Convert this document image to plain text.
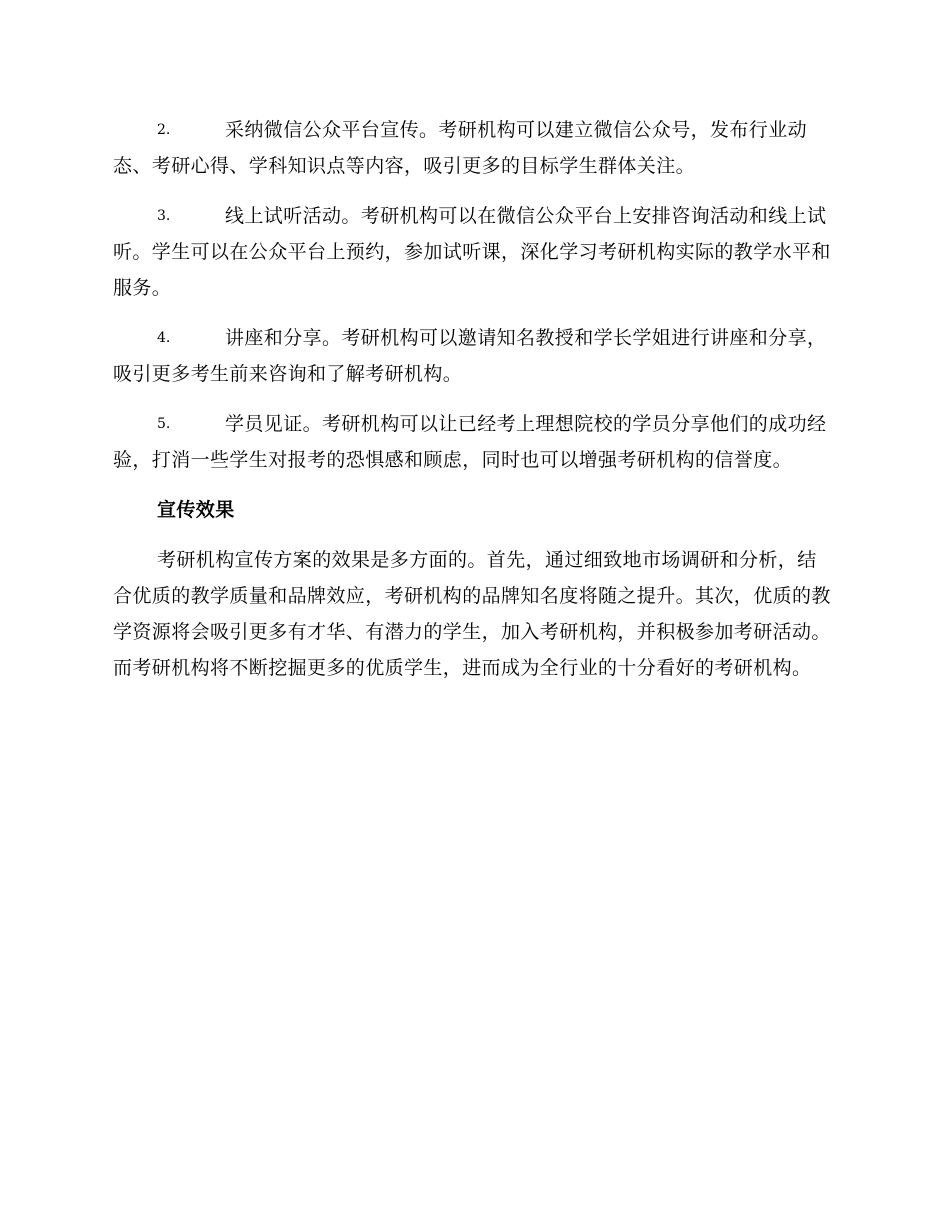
2.	采纳微信公众平台宣传。考研机构可以建立微信公众号，发布行业动态、考研心得、学科知识点等内容，吸引更多的目标学生群体关注。

3.	线上试听活动。考研机构可以在微信公众平台上安排咨询活动和线上试听。学生可以在公众平台上预约，参加试听课，深化学习考研机构实际的教学水平和服务。

4.	讲座和分享。考研机构可以邀请知名教授和学长学姐进行讲座和分享，吸引更多考生前来咨询和了解考研机构。

5.	学员见证。考研机构可以让已经考上理想院校的学员分享他们的成功经验，打消一些学生对报考的恐惧感和顾虑，同时也可以增强考研机构的信誉度。

宣传效果

考研机构宣传方案的效果是多方面的。首先，通过细致地市场调研和分析，结合优质的教学质量和品牌效应，考研机构的品牌知名度将随之提升。其次，优质的教学资源将会吸引更多有才华、有潜力的学生，加入考研机构，并积极参加考研活动。而考研机构将不断挖掘更多的优质学生，进而成为全行业的十分看好的考研机构。
